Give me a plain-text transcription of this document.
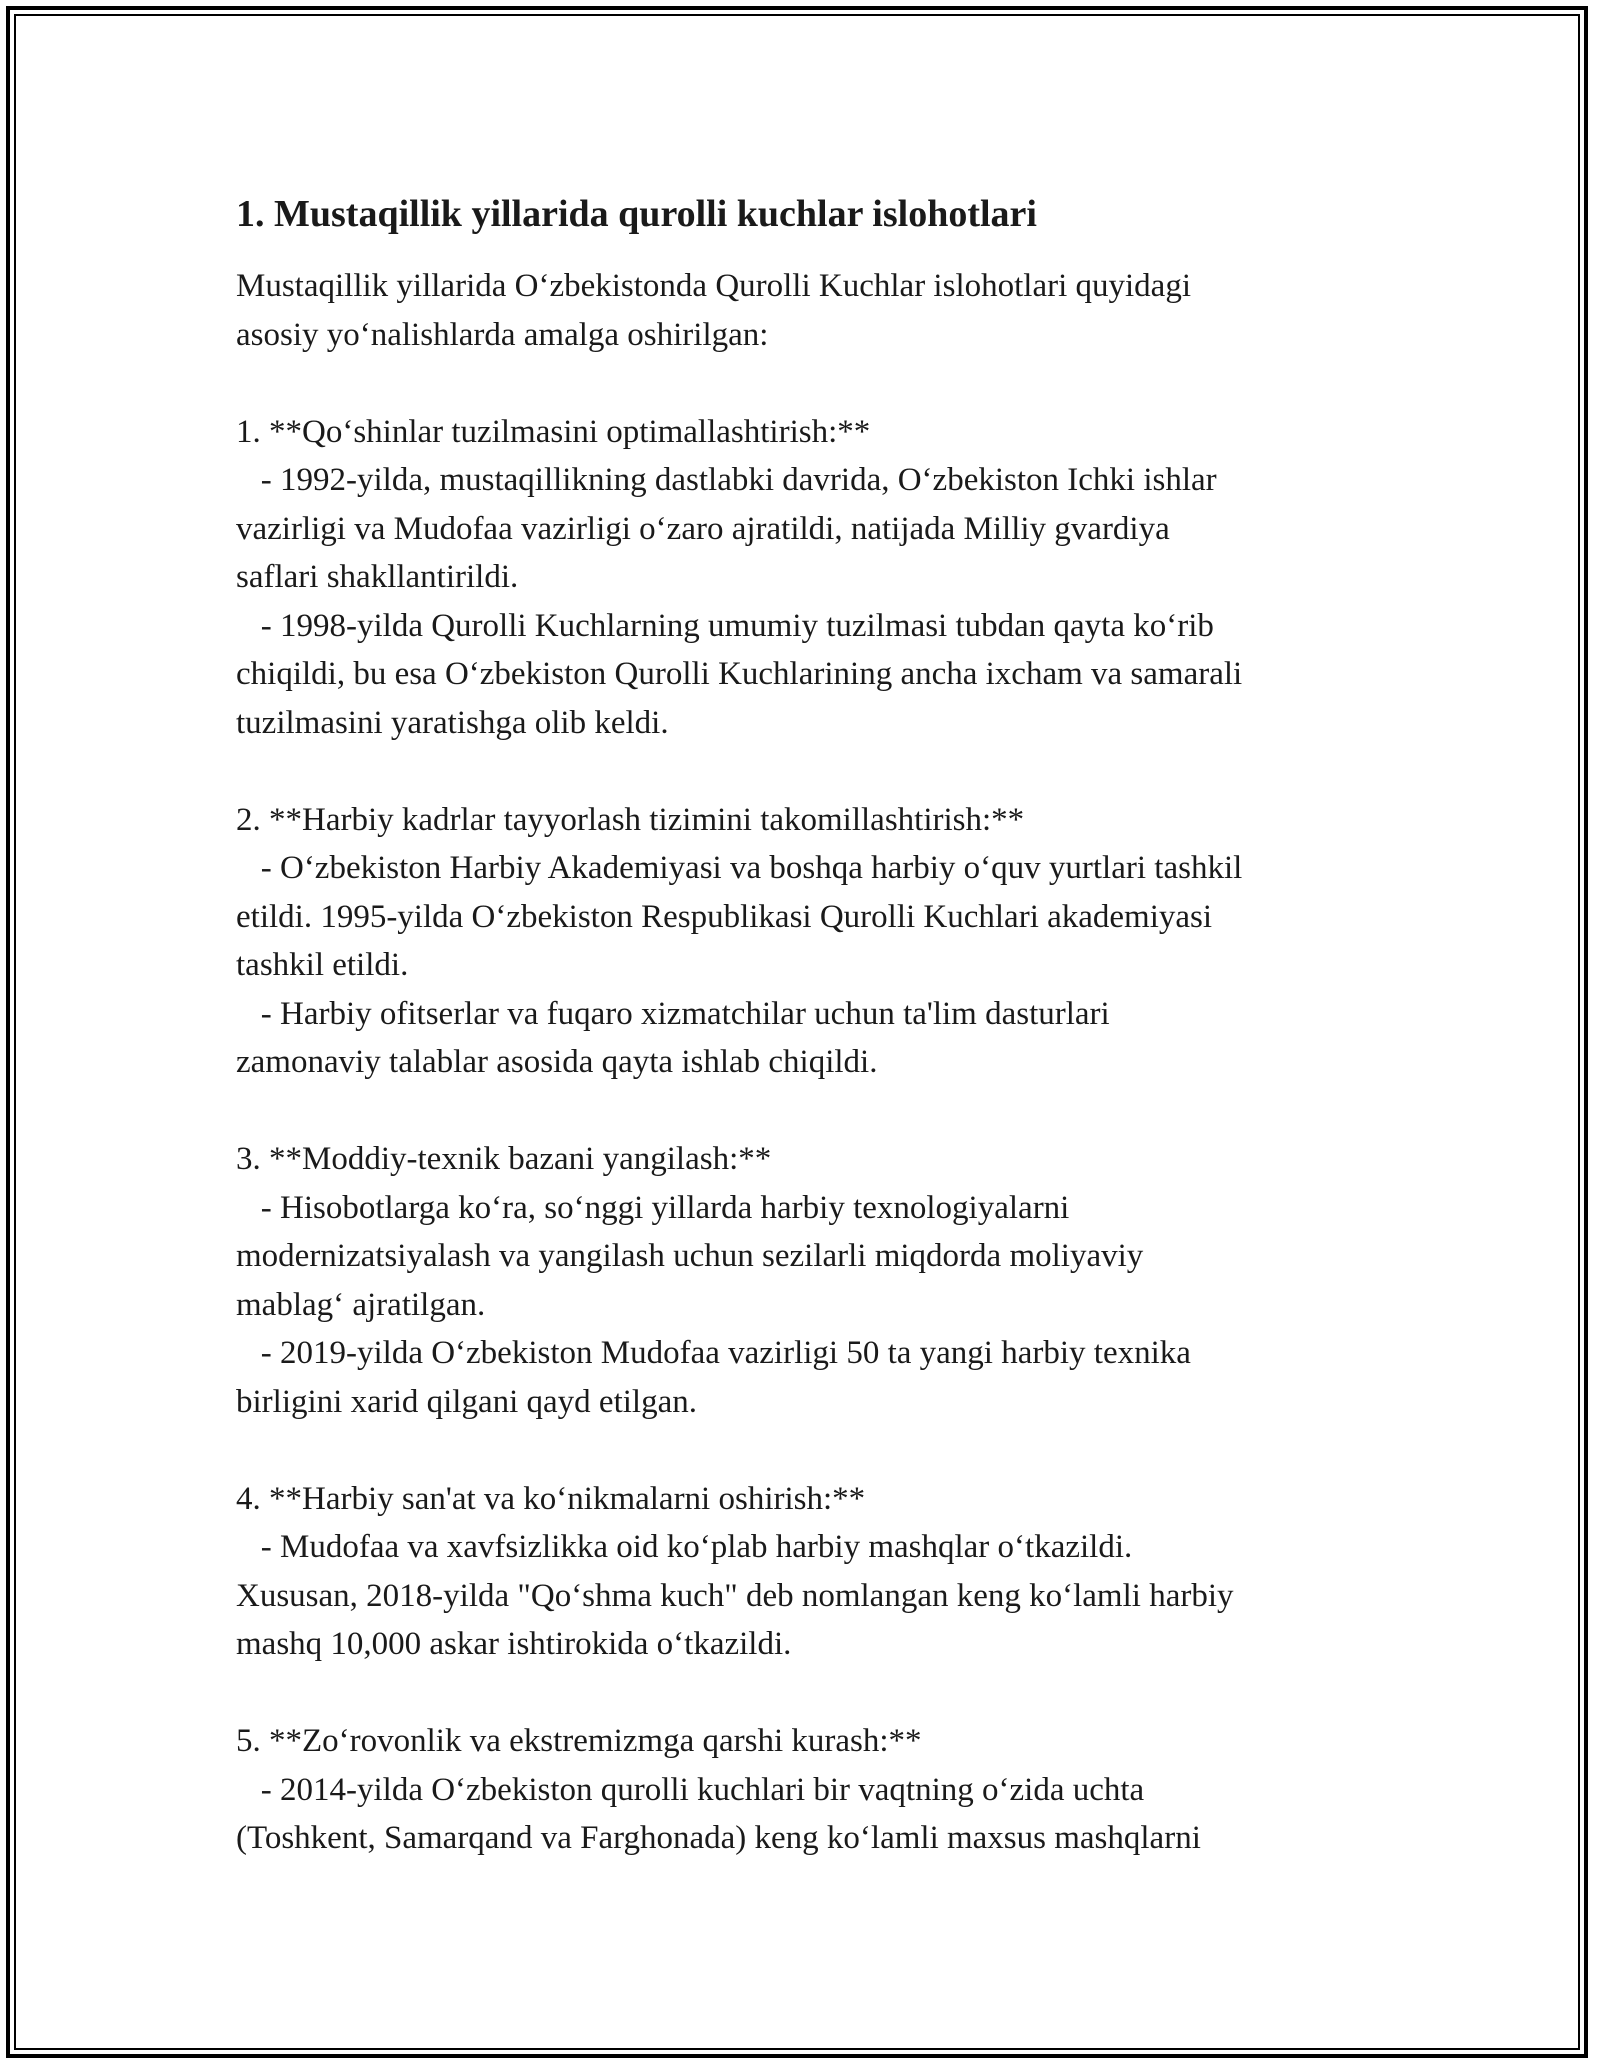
1. Mustaqillik yillarida qurolli kuchlar islohotlari
Mustaqillik yillarida O‘zbekistonda Qurolli Kuchlar islohotlari quyidagi
asosiy yo‘nalishlarda amalga oshirilgan:
1. **Qo‘shinlar tuzilmasini optimallashtirish:**
- 1992-yilda, mustaqillikning dastlabki davrida, O‘zbekiston Ichki ishlar
vazirligi va Mudofaa vazirligi o‘zaro ajratildi, natijada Milliy gvardiya
saflari shakllantirildi.
- 1998-yilda Qurolli Kuchlarning umumiy tuzilmasi tubdan qayta ko‘rib
chiqildi, bu esa O‘zbekiston Qurolli Kuchlarining ancha ixcham va samarali
tuzilmasini yaratishga olib keldi.
2. **Harbiy kadrlar tayyorlash tizimini takomillashtirish:**
- O‘zbekiston Harbiy Akademiyasi va boshqa harbiy o‘quv yurtlari tashkil
etildi. 1995-yilda O‘zbekiston Respublikasi Qurolli Kuchlari akademiyasi
tashkil etildi.
- Harbiy ofitserlar va fuqaro xizmatchilar uchun ta'lim dasturlari
zamonaviy talablar asosida qayta ishlab chiqildi.
3. **Moddiy-texnik bazani yangilash:**
- Hisobotlarga ko‘ra, so‘nggi yillarda harbiy texnologiyalarni
modernizatsiyalash va yangilash uchun sezilarli miqdorda moliyaviy
mablag‘ ajratilgan.
- 2019-yilda O‘zbekiston Mudofaa vazirligi 50 ta yangi harbiy texnika
birligini xarid qilgani qayd etilgan.
4. **Harbiy san'at va ko‘nikmalarni oshirish:**
- Mudofaa va xavfsizlikka oid ko‘plab harbiy mashqlar o‘tkazildi.
Xususan, 2018-yilda "Qo‘shma kuch" deb nomlangan keng ko‘lamli harbiy
mashq 10,000 askar ishtirokida o‘tkazildi.
5. **Zo‘rovonlik va ekstremizmga qarshi kurash:**
- 2014-yilda O‘zbekiston qurolli kuchlari bir vaqtning o‘zida uchta
(Toshkent, Samarqand va Farghonada) keng ko‘lamli maxsus mashqlarni
